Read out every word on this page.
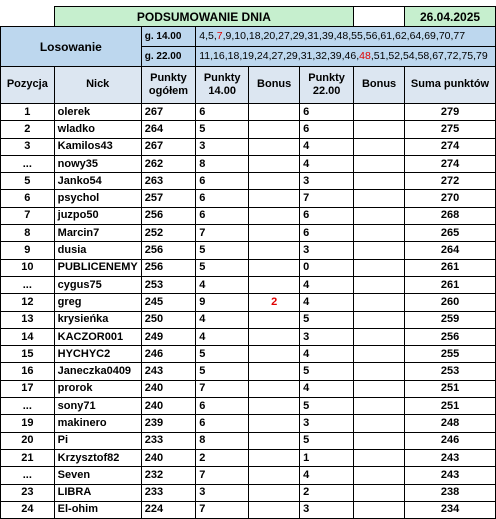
	PODSUMOWANIE DNIA						26.04.2025
Losowanie		g. 14.00	4,5,7,9,10,18,20,27,29,31,39,48,55,56,61,62,64,69,70,77				
		g. 22.00	11,16,18,19,24,27,29,31,32,39,46,48,51,52,54,58,67,72,75,79				
Pozycja	Nick	Punkty ogółem	Punkty 14.00	Bonus	Punkty 22.00	Bonus	Suma punktów
1	olerek	267	6		6		279
2	wladko	264	5		6		275
3	Kamilos43	267	3		4		274
...	nowy35	262	8		4		274
5	Janko54	263	6		3		272
6	psychol	257	6		7		270
7	juzpo50	256	6		6		268
8	Marcin7	252	7		6		265
9	dusia	256	5		3		264
10	PUBLICENEMY	256	5		0		261
...	cygus75	253	4		4		261
12	greg	245	9	2	4		260
13	krysieńka	250	4		5		259
14	KACZOR001	249	4		3		256
15	HYCHYC2	246	5		4		255
16	Janeczka0409	243	5		5		253
17	prorok	240	7		4		251
...	sony71	240	6		5		251
19	makinero	239	6		3		248
20	Pi	233	8		5		246
21	Krzysztof82	240	2		1		243
...	Seven	232	7		4		243
23	LIBRA	233	3		2		238
24	El-ohim	224	7		3		234
